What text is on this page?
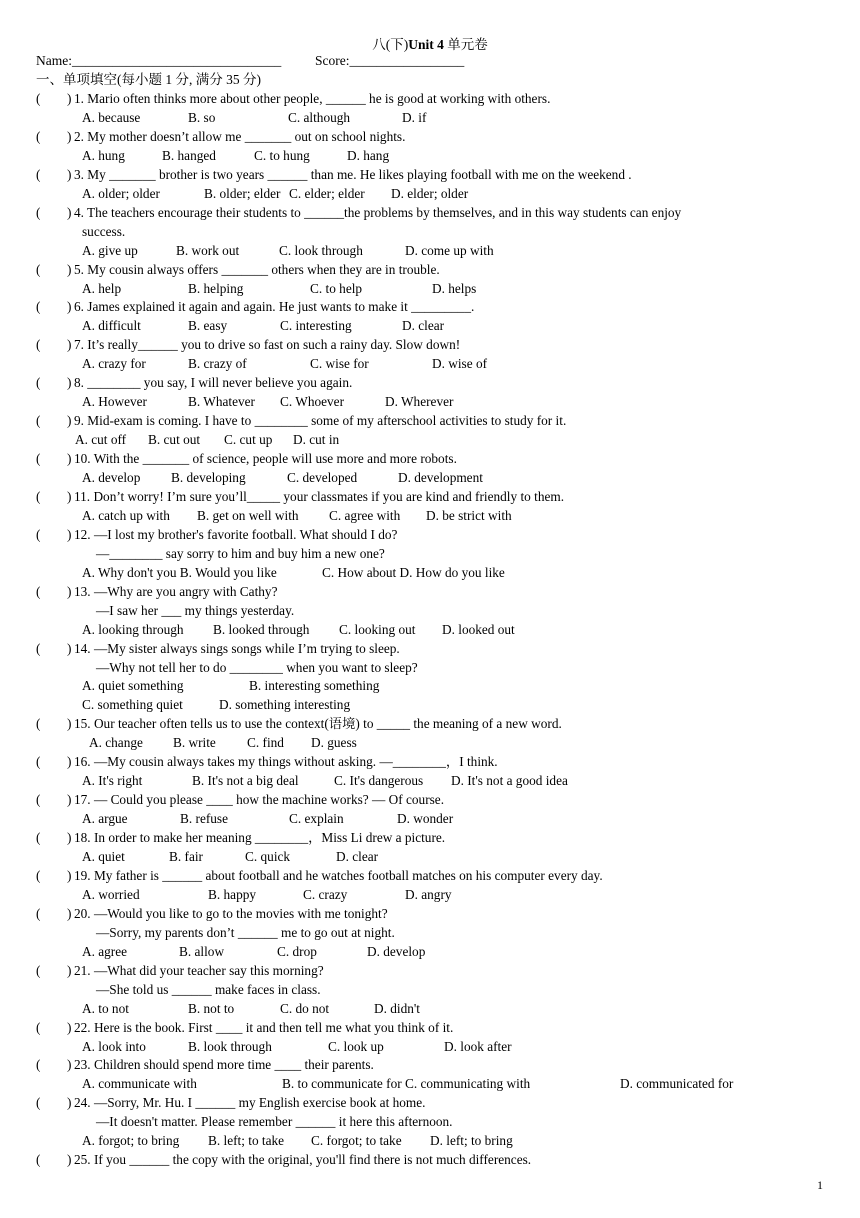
八(下)Unit 4 单元卷
Name:_______________________________          Score:_________________
一、单项填空(每小题 1 分, 满分 35 分)
(        ) 1. Mario often thinks more about other people, ______ he is good at working with others.
A. because	B. so	C. although	D. if
(        ) 2. My mother doesn’t allow me _______ out on school nights.
A. hung	B. hanged	C. to hung	D. hang
(        ) 3. My _______ brother is two years ______ than me. He likes playing football with me on the weekend .
A. older; older	B. older; elder C. elder; elder D. elder; older
(        ) 4. The teachers encourage their students to ______the problems by themselves, and in this way students can enjoy
success.
A. give up	B. work out	C. look through	D. come up with
(        ) 5. My cousin always offers _______ others when they are in trouble.
A. help	B. helping	C. to help	D. helps
(        ) 6. James explained it again and again. He just wants to make it _________.
A. difficult	B. easy	C. interesting	D. clear
(        ) 7. It’s really______ you to drive so fast on such a rainy day. Slow down!
A. crazy for	B. crazy of	C. wise for	D. wise of
(        ) 8. ________ you say, I will never believe you again.
A. However	B. Whatever C. Whoever	D. Wherever
(        ) 9. Mid-exam is coming. I have to ________ some of my afterschool activities to study for it.
A. cut off B. cut out C. cut up D. cut in
(        ) 10. With the _______ of science, people will use more and more robots.
A. develop B. developing	C. developed	D. development
(        ) 11. Don’t worry! I’m sure you’ll_____ your classmates if you are kind and friendly to them.
A. catch up with B. get on well with C. agree with D. be strict with
(        ) 12. —I lost my brother's favorite football. What should I do?
—________ say sorry to him and buy him a new one?
A. Why don't you B. Would you like	C. How about D. How do you like
(        ) 13. —Why are you angry with Cathy?
—I saw her ___ my things yesterday.
A. looking through B. looked through C. looking out D. looked out
(        ) 14. —My sister always sings songs while I’m trying to sleep.
—Why not tell her to do ________ when you want to sleep?
A. quiet something	B. interesting something
C. something quiet	D. something interesting
(        ) 15. Our teacher often tells us to use the context(语境) to _____ the meaning of a new word.
A. change B. write C. find D. guess
(        ) 16. —My cousin always takes my things without asking. —________，I think.
A. It's right	B. It's not a big deal	C. It's dangerous D. It's not a good idea
(        ) 17. — Could you please ____ how the machine works? — Of course.
A. argue	B. refuse	C. explain	D. wonder
(        ) 18. In order to make her meaning ________，Miss Li drew a picture.
A. quiet	B. fair	C. quick	D. clear
(        ) 19. My father is ______ about football and he watches football matches on his computer every day.
A. worried	B. happy	C. crazy	D. angry
(        ) 20. —Would you like to go to the movies with me tonight?
—Sorry, my parents don’t ______ me to go out at night.
A. agree	B. allow	C. drop	D. develop
(        ) 21. —What did your teacher say this morning?
—She told us ______ make faces in class.
A. to not	B. not to	C. do not	D. didn't
(        ) 22. Here is the book. First ____ it and then tell me what you think of it.
A. look into	B. look through	C. look up	D. look after
(        ) 23. Children should spend more time ____ their parents.
A. communicate with	B. to communicate for C. communicating with	D. communicated for
(        ) 24. —Sorry, Mr. Hu. I ______ my English exercise book at home.
—It doesn't matter. Please remember ______ it here this afternoon.
A. forgot; to bring B. left; to take C. forgot; to take D. left; to bring
(        ) 25. If you ______ the copy with the original, you'll find there is not much differences.
1
